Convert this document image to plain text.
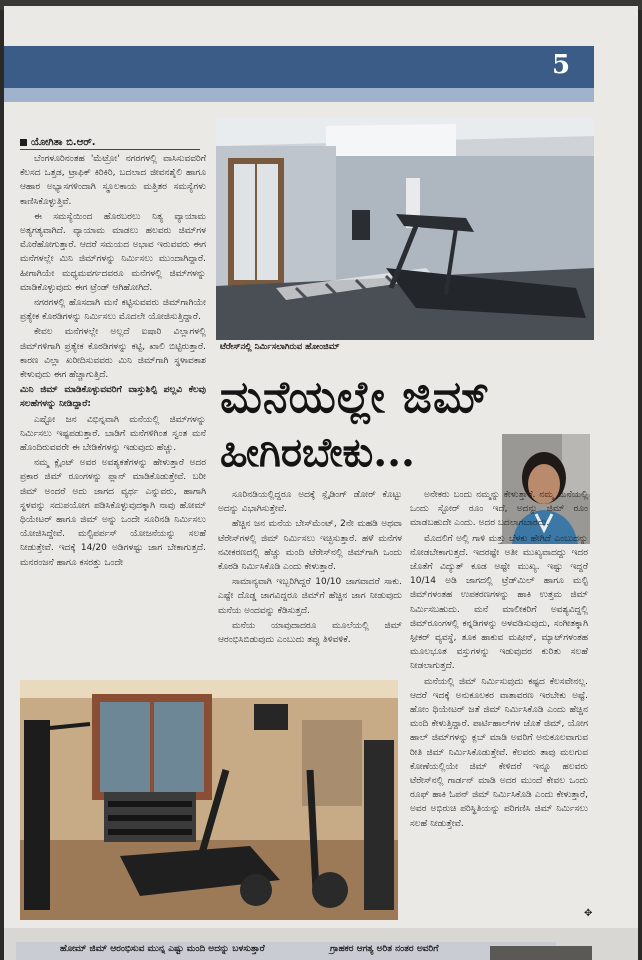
5
ಯೋಗಿತಾ ಬಿ.ಆರ್.

ಬೆಂಗಳೂರಿನಂತಹ 'ಮೆಟ್ರೋ' ನಗರಗಳಲ್ಲಿ ವಾಸಿಸುವವರಿಗೆ ಕೆಲಸದ ಒತ್ತಡ, ಟ್ರಾಫಿಕ್ ಕಿರಿಕಿರಿ, ಬದಲಾದ ಜೀವನಶೈಲಿ ಹಾಗೂ ಆಹಾರ ಅಭ್ಯಾಸಗಳಿಂದಾಗಿ ಸ್ಥೂಲಕಾಯ ಮತ್ತಿತರ ಸಮಸ್ಯೆಗಳು ಕಾಣಿಸಿಕೊಳ್ಳುತ್ತಿವೆ.

ಈ ಸಮಸ್ಯೆಯಿಂದ ಹೊರಬರಲು ನಿತ್ಯ ವ್ಯಾಯಾಮ ಅತ್ಯಗತ್ಯವಾಗಿದೆ. ವ್ಯಾಯಾಮ ಮಾಡಲು ಹಲವರು ಜಿಮ್‌ಗಳ ಮೊರೆಹೋಗುತ್ತಾರೆ. ಆದರೆ ಸಮಯದ ಅಭಾವ ಇರುವವರು ಈಗ ಮನೆಗಳಲ್ಲೇ ಮಿನಿ ಜಿಮ್‌ಗಳನ್ನು ನಿರ್ಮಿಸಲು ಮುಂದಾಗಿದ್ದಾರೆ. ಹೀಗಾಗಿಯೇ ಮಧ್ಯಮವರ್ಗದವರೂ ಮನೆಗಳಲ್ಲಿ ಜಿಮ್‌ಗಳನ್ನು ಮಾಡಿಕೊಳ್ಳುವುದು ಈಗ ಟ್ರೆಂಡ್ ಆಗಿಹೋಗಿದೆ.

ನಗರಗಳಲ್ಲಿ ಹೊಸದಾಗಿ ಮನೆ ಕಟ್ಟಿಸುವವರು ಜಿಮ್‌ಗಾಗಿಯೇ ಪ್ರತ್ಯೇಕ ಕೊಠಡಿಗಳನ್ನು ನಿರ್ಮಿಸಲು ಮೊದಲೇ ಯೋಜಿಸುತ್ತಿದ್ದಾರೆ.

ಕೇವಲ ಮನೆಗಳಲ್ಲೇ ಅಲ್ಲದೆ ಐಷಾರಿ ವಿಲ್ಲಾಗಳಲ್ಲಿ ಜಿಮ್‌ಗಳಿಗಾಗಿ ಪ್ರತ್ಯೇಕ ಕೊಠಡಿಗಳನ್ನು ಕಟ್ಟಿ, ಖಾಲಿ ಬಿಟ್ಟಿರುತ್ತಾರೆ. ಕಾರಣ ವಿಲ್ಲಾ ಖರೀದಿಸುವವರು ಮಿನಿ ಜಿಮ್‌ಗಾಗಿ ಸ್ಥಳಾವಕಾಶ ಕೇಳುವುದು ಈಗ ಹೆಚ್ಚಾಗುತ್ತಿದೆ.

ಮಿನಿ ಜಿಮ್ ಮಾಡಿಕೊಳ್ಳುವವರಿಗೆ ವಾಸ್ತುಶಿಲ್ಪಿ ಪಲ್ಲವಿ ಕೆಲವು ಸಲಹೆಗಳನ್ನು ನೀಡಿದ್ದಾರೆ:

ಎಷ್ಟೋ ಜನ ವಿಭಿನ್ನವಾಗಿ ಮನೆಯಲ್ಲಿ ಜಿಮ್‌ಗಳನ್ನು ನಿರ್ಮಿಸಲು ಇಷ್ಟಪಡುತ್ತಾರೆ. ಬಾಡಿಗೆ ಮನೆಗಳಿಗಿಂತ ಸ್ವಂತ ಮನೆ ಹೊಂದಿರುವವರೇ ಈ ಬೇಡಿಕೆಗಳನ್ನು ಇಡುವುದು ಹೆಚ್ಚು.

ನಮ್ಮ ಕ್ಲೈಂಟ್ ಅವರ ಅವಶ್ಯಕತೆಗಳನ್ನು ಹೇಳುತ್ತಾರೆ ಅದರ ಪ್ರಕಾರ ಜಿಮ್ ರೂಂಗಳನ್ನು ಪ್ಲಾನ್ ಮಾಡಿಕೊಡುತ್ತೇವೆ. ಬರೀ ಜಿಮ್ ಅಂದರೆ ಅದು ಜಾಗದ ವ್ಯರ್ಥ ಎನ್ನುವರು, ಹಾಗಾಗಿ ಸ್ಥಳವನ್ನು ಸದುಪಯೋಗ ಪಡಿಸಿಕೊಳ್ಳುವುದಕ್ಕಾಗಿ ನಾವು ಹೋಮ್ ಥಿಯೇಟರ್ ಹಾಗೂ ಜಿಮ್ ಅನ್ನು ಒಂದೇ ಸೂರಿನಡಿ ನಿರ್ಮಿಸಲು ಯೋಜಿಸಿದ್ದೇವೆ. ಮಲ್ಟಿಪರ್ಪಸ್ ಯೋಜನೆಯನ್ನು ಸಲಹೆ ನೀಡುತ್ತೇವೆ. ಇದಕ್ಕೆ 14/20 ಅಡಿಗಳಷ್ಟು ಜಾಗ ಬೇಕಾಗುತ್ತದೆ. ಮನರಂಜನೆ ಹಾಗೂ ಕಸರತ್ತು ಒಂದೇ

ಟೆರೇಸ್‌ನಲ್ಲಿ ನಿರ್ಮಿಸಲಾಗಿರುವ ಹೋಂಜಿಮ್
ಮನೆಯಲ್ಲೇ ಜಿಮ್
ಹೀಗಿರಬೇಕು...

ಸೂರಿನಡಿಯಲ್ಲಿದ್ದರೂ ಅದಕ್ಕೆ ಸ್ಲೈಡಿಂಗ್ ಡೋರ್ ಕೊಟ್ಟು ಅದನ್ನು ವಿಭಾಗಿಸುತ್ತೇವೆ.

ಹೆಚ್ಚಿನ ಜನ ಮನೆಯ ಬೇಸ್‌ಮೆಂಟ್, 2ನೇ ಮಹಡಿ ಅಥವಾ ಟೆರೇಸ್‌ಗಳಲ್ಲಿ ಜಿಮ್ ನಿರ್ಮಿಸಲು ಇಚ್ಛಿಸುತ್ತಾರೆ. ಹಳೆ ಮನೆಗಳ ನವೀಕರಣದಲ್ಲಿ ಹೆಚ್ಚು ಮಂದಿ ಟೆರೇಸ್‌ನಲ್ಲಿ ಜಿಮ್‌ಗಾಗಿ ಒಂದು ಕೊಠಡಿ ನಿರ್ಮಿಸಿಕೊಡಿ ಎಂದು ಕೇಳುತ್ತಾರೆ.

ಸಾಮಾನ್ಯವಾಗಿ ಇಬ್ಬರಿಗಿದ್ದರೆ 10/10 ಜಾಗವಾದರೆ ಸಾಕು. ಎಷ್ಟೇ ದೊಡ್ಡ ಜಾಗವಿದ್ದರೂ ಜಿಮ್‌ಗೆ ಹೆಚ್ಚಿನ ಜಾಗ ನೀಡುವುದು ಮನೆಯ ಅಂದವನ್ನು ಕೆಡಿಸುತ್ತದೆ.

ಮನೆಯ ಯಾವುದಾದರೂ ಮೂಲೆಯಲ್ಲಿ ಜಿಮ್ ಆರಂಭಿಸಿಬಿಡುವುದು ಎಂಬುದು ತಪ್ಪು ತಿಳಿವಳಿಕೆ.

ಅನೇಕರು ಬಂದು ನಮ್ಮನ್ನು ಕೇಳುತ್ತಾರೆ. ನಮ್ಮ ಮನೆಯಲ್ಲಿ ಒಂದು ಸ್ಟೋರ್ ರೂಂ ಇದೆ, ಅದನ್ನು ಜಿಮ್ ರೂಂ ಮಾಡಬಹುದೇ ಎಂದು. ಅದರ ಬದಲಾಗಬಾರದು.

ಮೊದಲಿಗೆ ಅಲ್ಲಿ ಗಾಳಿ ಮತ್ತು ಬೆಳಕು ಹೇಗಿದೆ ಎಂಬುದನ್ನು ನೋಡಬೇಕಾಗುತ್ತದೆ. ಇದರಷ್ಟೇ ಅತೀ ಮುಖ್ಯವಾದದ್ದು ಇದರ ಜೊತೆಗೆ ವಿದ್ಯುತ್ ಕೂಡ ಅಷ್ಟೇ ಮುಖ್ಯ. ಇಷ್ಟು ಇದ್ದರೆ 10/14 ಅಡಿ ಜಾಗದಲ್ಲಿ ಟ್ರೆಡ್‌ಮಿಲ್ ಹಾಗೂ ಮಲ್ಟಿ ಜಿಮ್‌ಗಳಂತಹ ಉಪಕರಣಗಳನ್ನು ಹಾಕಿ ಉತ್ತಮ ಜಿಮ್ ನಿರ್ಮಿಸಬಹುದು. ಮನೆ ಮಾಲೀಕರಿಗೆ ಅವಶ್ಯವಿದ್ದಲ್ಲಿ ಜಿಮ್‌ರೂಂಗಳಲ್ಲಿ ಕನ್ನಡಿಗಳನ್ನು ಅಳವಡಿಸುವುದು, ಸಂಗೀತಕ್ಕಾಗಿ ಸ್ಪೀಕರ್ ವ್ಯವಸ್ಥೆ, ತೂಕ ಹಾಕುವ ಮಷೀನ್, ಮ್ಯಾಟ್‌ಗಳಂತಹ ಮೂಲಭೂತ ವಸ್ತುಗಳನ್ನು ಇಡುವುದರ ಕುರಿತು ಸಲಹೆ ನೀಡಲಾಗುತ್ತದೆ.

ಮನೆಯಲ್ಲಿ ಜಿಮ್ ನಿರ್ಮಿಸುವುದು ಕಷ್ಟದ ಕೆಲಸವೇನಲ್ಲ. ಆದರೆ ಇದಕ್ಕೆ ಅನುಕೂಲಕರ ವಾತಾವರಣ ಇರಬೇಕು ಅಷ್ಟೆ. ಹೋಂ ಥಿಯೇಟರ್ ಜತೆ ಜಿಮ್ ನಿರ್ಮಿಸಿಕೊಡಿ ಎಂದು ಹೆಚ್ಚಿನ ಮಂದಿ ಕೇಳುತ್ತಿದ್ದಾರೆ. ಪಾರ್ಟಿಹಾಲ್‌ಗಳ ಜೊತೆ ಜಿಮ್, ಯೋಗ ಹಾಲ್ ಜಿಮ್‌ಗಳನ್ನು ಕ್ಲಬ್ ಮಾಡಿ ಅವರಿಗೆ ಅನುಕೂಲವಾಗುವ ರೀತಿ ಜಿಮ್ ನಿರ್ಮಿಸಿಕೊಡುತ್ತೇವೆ. ಕೆಲವರು ತಾವು ಮಲಗುವ ಕೋಣೆಯಲ್ಲಿಯೇ ಜಿಮ್ ಕೇಳಿದರೆ ಇನ್ನೂ ಹಲವರು ಟೆರೇಸ್‌ನಲ್ಲಿ ಗಾರ್ಡನ್ ಮಾಡಿ ಅದರ ಮುಂದೆ ಕೇವಲ ಒಂದು ರೂಫ್ ಹಾಕಿ ಓಪನ್ ಜಿಮ್ ನಿರ್ಮಿಸಿಕೊಡಿ ಎಂದು ಕೇಳುತ್ತಾರೆ, ಅವರ ಅಭಿರುಚಿ ಪರಿಸ್ಥಿತಿಯನ್ನು ಪರಿಗಣಿಸಿ ಜಿಮ್ ನಿರ್ಮಿಸಲು ಸಲಹೆ ನೀಡುತ್ತೇವೆ.

✥
ಹೋಮ್ ಜಿಮ್ ಆರಂಭಿಸುವ ಮುನ್ನ ಎಷ್ಟು ಮಂದಿ ಅದನ್ನು ಬಳಸುತ್ತಾರೆ	ಗ್ರಾಹಕರ ಆಗತ್ಯ ಅರಿತ ನಂತರ ಅವರಿಗೆ
